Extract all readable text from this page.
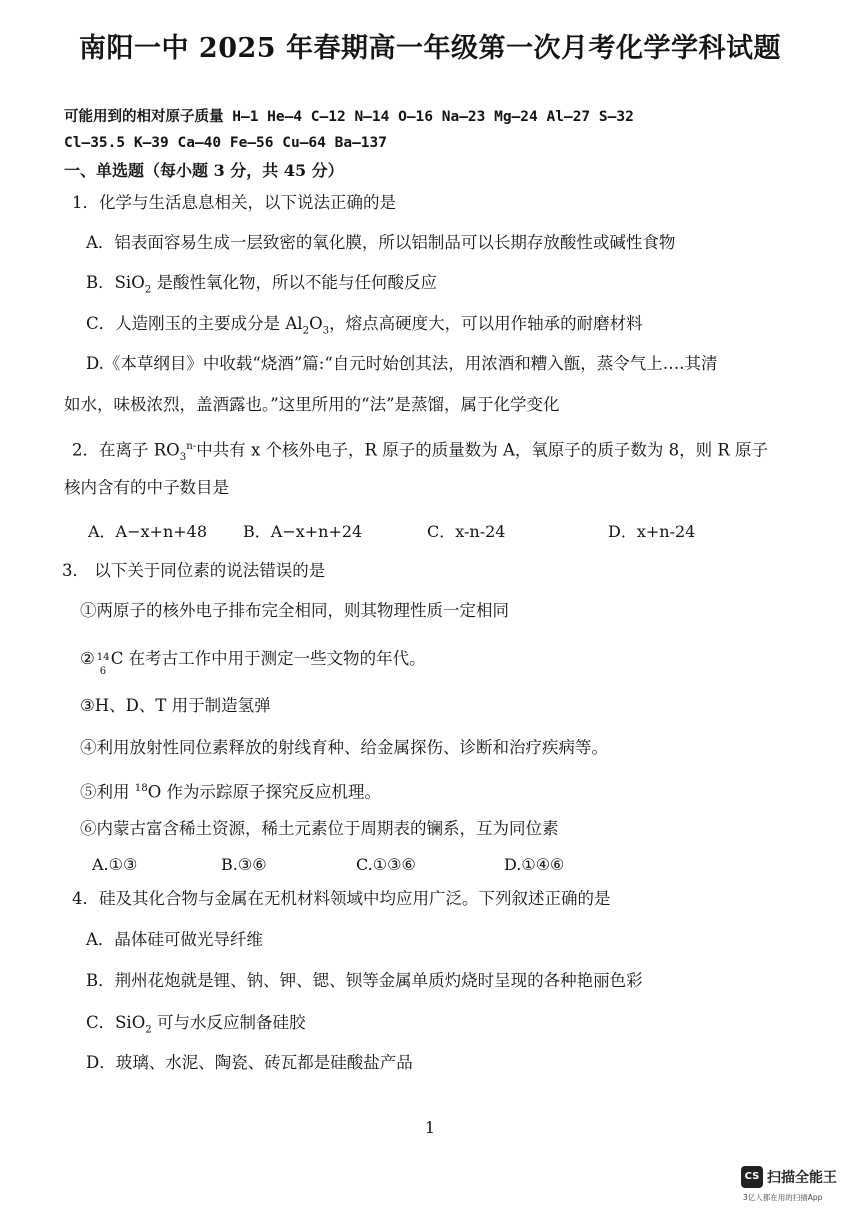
南阳一中 2025 年春期高一年级第一次月考化学学科试题
可能用到的相对原子质量 H—1 He—4 C—12 N—14 O—16 Na—23 Mg—24 Al—27 S—32
Cl—35.5 K—39 Ca—40 Fe—56 Cu—64 Ba—137
一、单选题（每小题 3 分，共 45 分）
1．化学与生活息息相关，以下说法正确的是
A．铝表面容易生成一层致密的氧化膜，所以铝制品可以长期存放酸性或碱性食物
B．SiO$_2$ 是酸性氧化物，所以不能与任何酸反应
C．人造刚玉的主要成分是 $Al_2O_3$，熔点高硬度大，可以用作轴承的耐磨材料
D.《本草纲目》中收载“烧酒”篇:“自元时始创其法，用浓酒和糟入甑，蒸令气上….其清
如水，味极浓烈，盖酒露也。”这里所用的“法”是蒸馏，属于化学变化
2．在离子 $RO_3^{n-}$中共有 x 个核外电子，R 原子的质量数为 A，氧原子的质子数为 8，则 R 原子
核内含有的中子数目是
A．A−x+n+48 B．A−x+n+24	C．x-n-24	D．x+n-24
3． 以下关于同位素的说法错误的是
①两原子的核外电子排布完全相同，则其物理性质一定相同
② 14
6
C 在考古工作中用于测定一些文物的年代。
③H、D、T 用于制造氢弹
④利用放射性同位素释放的射线育种、给金属探伤、诊断和治疗疾病等。
⑤利用 $^{18}$O 作为示踪原子探究反应机理。
⑥内蒙古富含稀土资源，稀土元素位于周期表的镧系，互为同位素
A.①③	B.③⑥	C.①③⑥	D.①④⑥
4．硅及其化合物与金属在无机材料领域中均应用广泛。下列叙述正确的是
A．晶体硅可做光导纤维
B．荆州花炮就是锂、钠、钾、锶、钡等金属单质灼烧时呈现的各种艳丽色彩
C．SiO$_2$ 可与水反应制备硅胶
D．玻璃、水泥、陶瓷、砖瓦都是硅酸盐产品
1
CS 扫描全能王
3亿人都在用的扫描App
